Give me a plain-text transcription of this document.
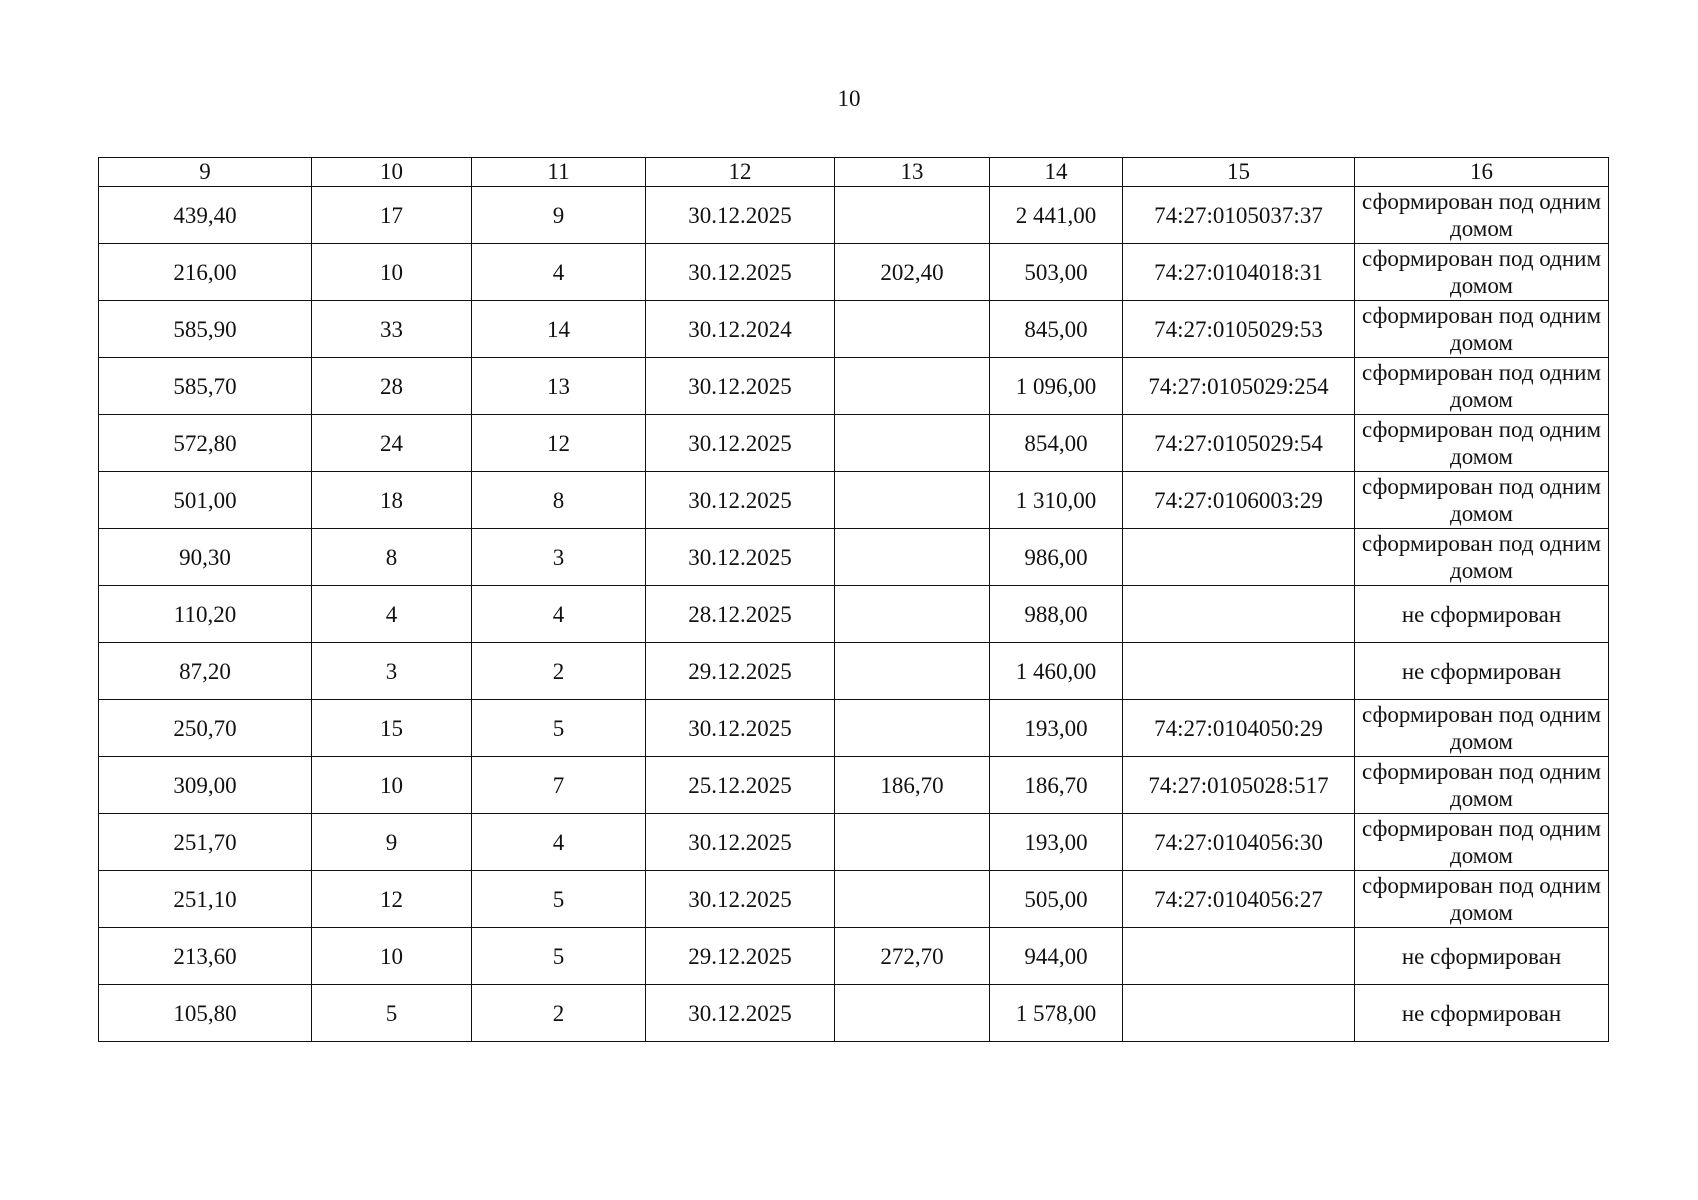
10
9	10	11	12	13	14	15	16
439,40	17	9	30.12.2025		2 441,00	74:27:0105037:37	сформирован под одним домом
216,00	10	4	30.12.2025	202,40	503,00	74:27:0104018:31	сформирован под одним домом
585,90	33	14	30.12.2024		845,00	74:27:0105029:53	сформирован под одним домом
585,70	28	13	30.12.2025		1 096,00	74:27:0105029:254	сформирован под одним домом
572,80	24	12	30.12.2025		854,00	74:27:0105029:54	сформирован под одним домом
501,00	18	8	30.12.2025		1 310,00	74:27:0106003:29	сформирован под одним домом
90,30	8	3	30.12.2025		986,00		сформирован под одним домом
110,20	4	4	28.12.2025		988,00		не сформирован
87,20	3	2	29.12.2025		1 460,00		не сформирован
250,70	15	5	30.12.2025		193,00	74:27:0104050:29	сформирован под одним домом
309,00	10	7	25.12.2025	186,70	186,70	74:27:0105028:517	сформирован под одним домом
251,70	9	4	30.12.2025		193,00	74:27:0104056:30	сформирован под одним домом
251,10	12	5	30.12.2025		505,00	74:27:0104056:27	сформирован под одним домом
213,60	10	5	29.12.2025	272,70	944,00		не сформирован
105,80	5	2	30.12.2025		1 578,00		не сформирован
